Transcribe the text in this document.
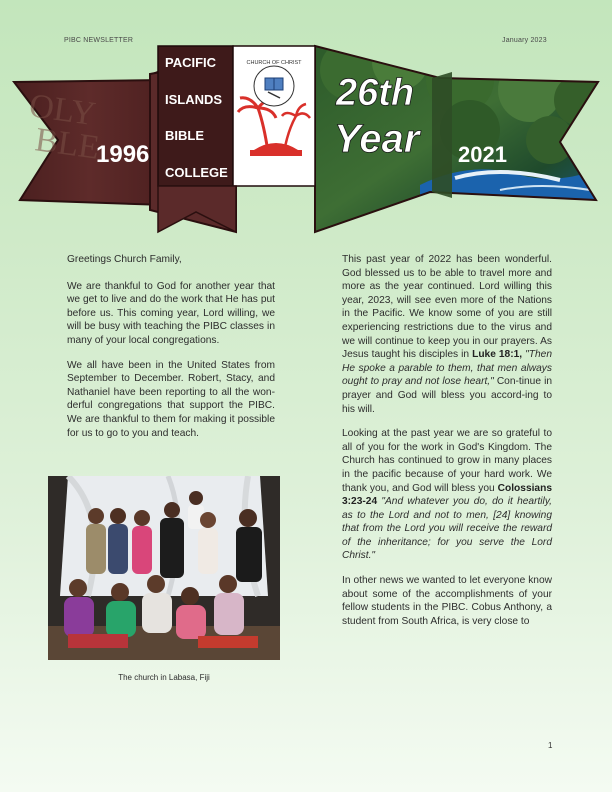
PIBC NEWSLETTER	January 2023
OLY
BLE
CHURCH OF CHRIST
PACIFIC
ISLANDS
BIBLE
COLLEGE
1996	2021
26th
Year

Greetings Church Family,

We are thankful to God for another year that we get to live and do the work that He has put before us. This coming year, Lord willing, we will be busy with teaching the PIBC classes in many of your local congregations.

We all have been in the United States from September to December. Robert, Stacy, and Nathaniel have been reporting to all the won-derful congregations that support the PIBC. We are thankful to them for making it possible for us to go to you and teach.

The church in Labasa, Fiji

This past year of 2022 has been wonderful. God blessed us to be able to travel more and more as the year continued. Lord willing this year, 2023, will see even more of the Nations in the Pacific. We know some of you are still experiencing restrictions due to the virus and we will continue to keep you in our prayers. As Jesus taught his disciples in Luke 18:1, "Then He spoke a parable to them, that men always ought to pray and not lose heart," Con-tinue in prayer and God will bless you accord-ing to his will.

Looking at the past year we are so grateful to all of you for the work in God's Kingdom. The Church has continued to grow in many places in the pacific because of your hard work. We thank you, and God will bless you Colossians 3:23-24 "And whatever you do, do it heartily, as to the Lord and not to men, [24] knowing that from the Lord you will receive the reward of the inheritance; for you serve the Lord Christ."

In other news we wanted to let everyone know about some of the accomplishments of your fellow students in the PIBC. Cobus Anthony, a student from South Africa, is very close to

1
